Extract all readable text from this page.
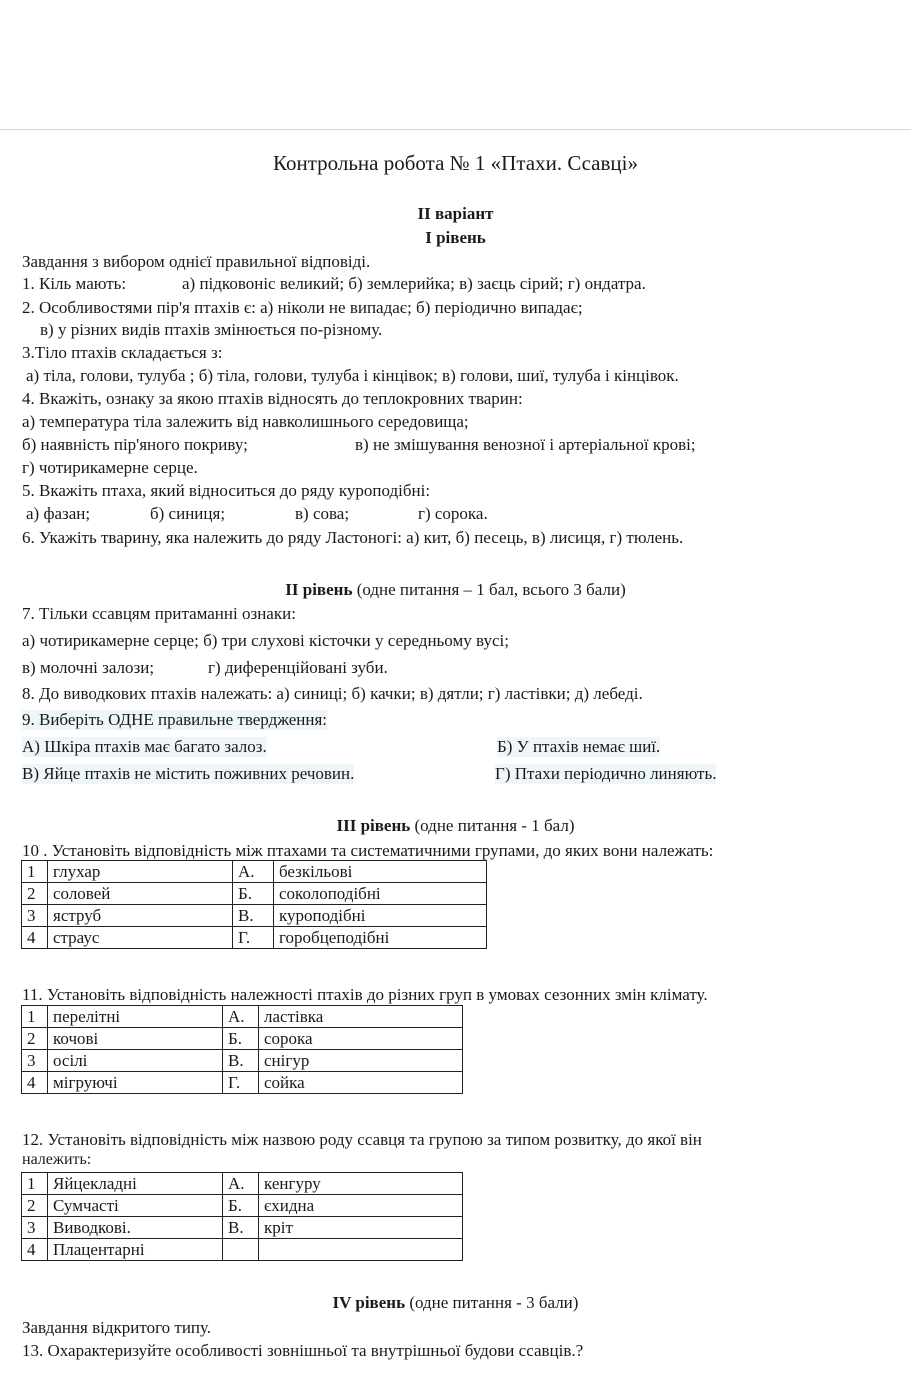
Контрольна робота № 1 «Птахи. Ссавці»
ІІ варіант
І рівень
Завдання з вибором однієї правильної відповіді.
1. Кіль мають:	а) підковоніс великий; б) землерийка; в) заєць сірий; г) ондатра.
2. Особливостями пір'я птахів є: а) ніколи не випадає; б) періодично випадає;
в) у різних видів птахів змінюється по-різному.
3.Тіло птахів складається з:
а) тіла, голови, тулуба ; б) тіла, голови, тулуба і кінцівок; в) голови, шиї, тулуба і кінцівок.
4. Вкажіть, ознаку за якою птахів відносять до теплокровних тварин:
а) температура тіла залежить від навколишнього середовища;
б) наявність пір'яного покриву;	в) не змішування венозної і артеріальної крові;
г) чотирикамерне серце.
5. Вкажіть птаха, який відноситься до ряду куроподібні:
а) фазан;	б) синиця;	в) сова;	г) сорока.
6. Укажіть тварину, яка належить до ряду Ластоногі: а) кит, б) песець, в) лисиця, г) тюлень.
ІІ рівень (одне питання – 1 бал, всього 3 бали)
7. Тільки ссавцям притаманні ознаки:
а) чотирикамерне серце; б) три слухові кісточки у середньому вусі;
в) молочні залози;	г) диференційовані зуби.
8. До виводкових птахів належать: а) синиці; б) качки; в) дятли; г) ластівки; д) лебеді.
9. Виберіть ОДНЕ правильне твердження:
А) Шкіра птахів має багато залоз.	Б) У птахів немає шиї.
В) Яйце птахів не містить поживних речовин.	Г) Птахи періодично линяють.
ІІІ рівень (одне питання - 1 бал)
10 . Установіть відповідність між птахами та систематичними групами, до яких вони належать:
1	глухар	А.	безкільові
2	соловей	Б.	соколоподібні
3	яструб	В.	куроподібні
4	страус	Г.	горобцеподібні
11. Установіть відповідність належності птахів до різних груп в умовах сезонних змін клімату.
1	перелітні	А.	ластівка
2	кочові	Б.	сорока
3	осілі	В.	снігур
4	мігруючі	Г.	сойка
12. Установіть відповідність між назвою роду ссавця та групою за типом розвитку, до якої він
належить:
1	Яйцекладні	А.	кенгуру
2	Сумчасті	Б.	єхидна
3	Виводкові.	В.	кріт
4	Плацентарні		
ІV рівень (одне питання - 3 бали)
Завдання відкритого типу.
13. Охарактеризуйте особливості зовнішньої та внутрішньої будови ссавців.?
